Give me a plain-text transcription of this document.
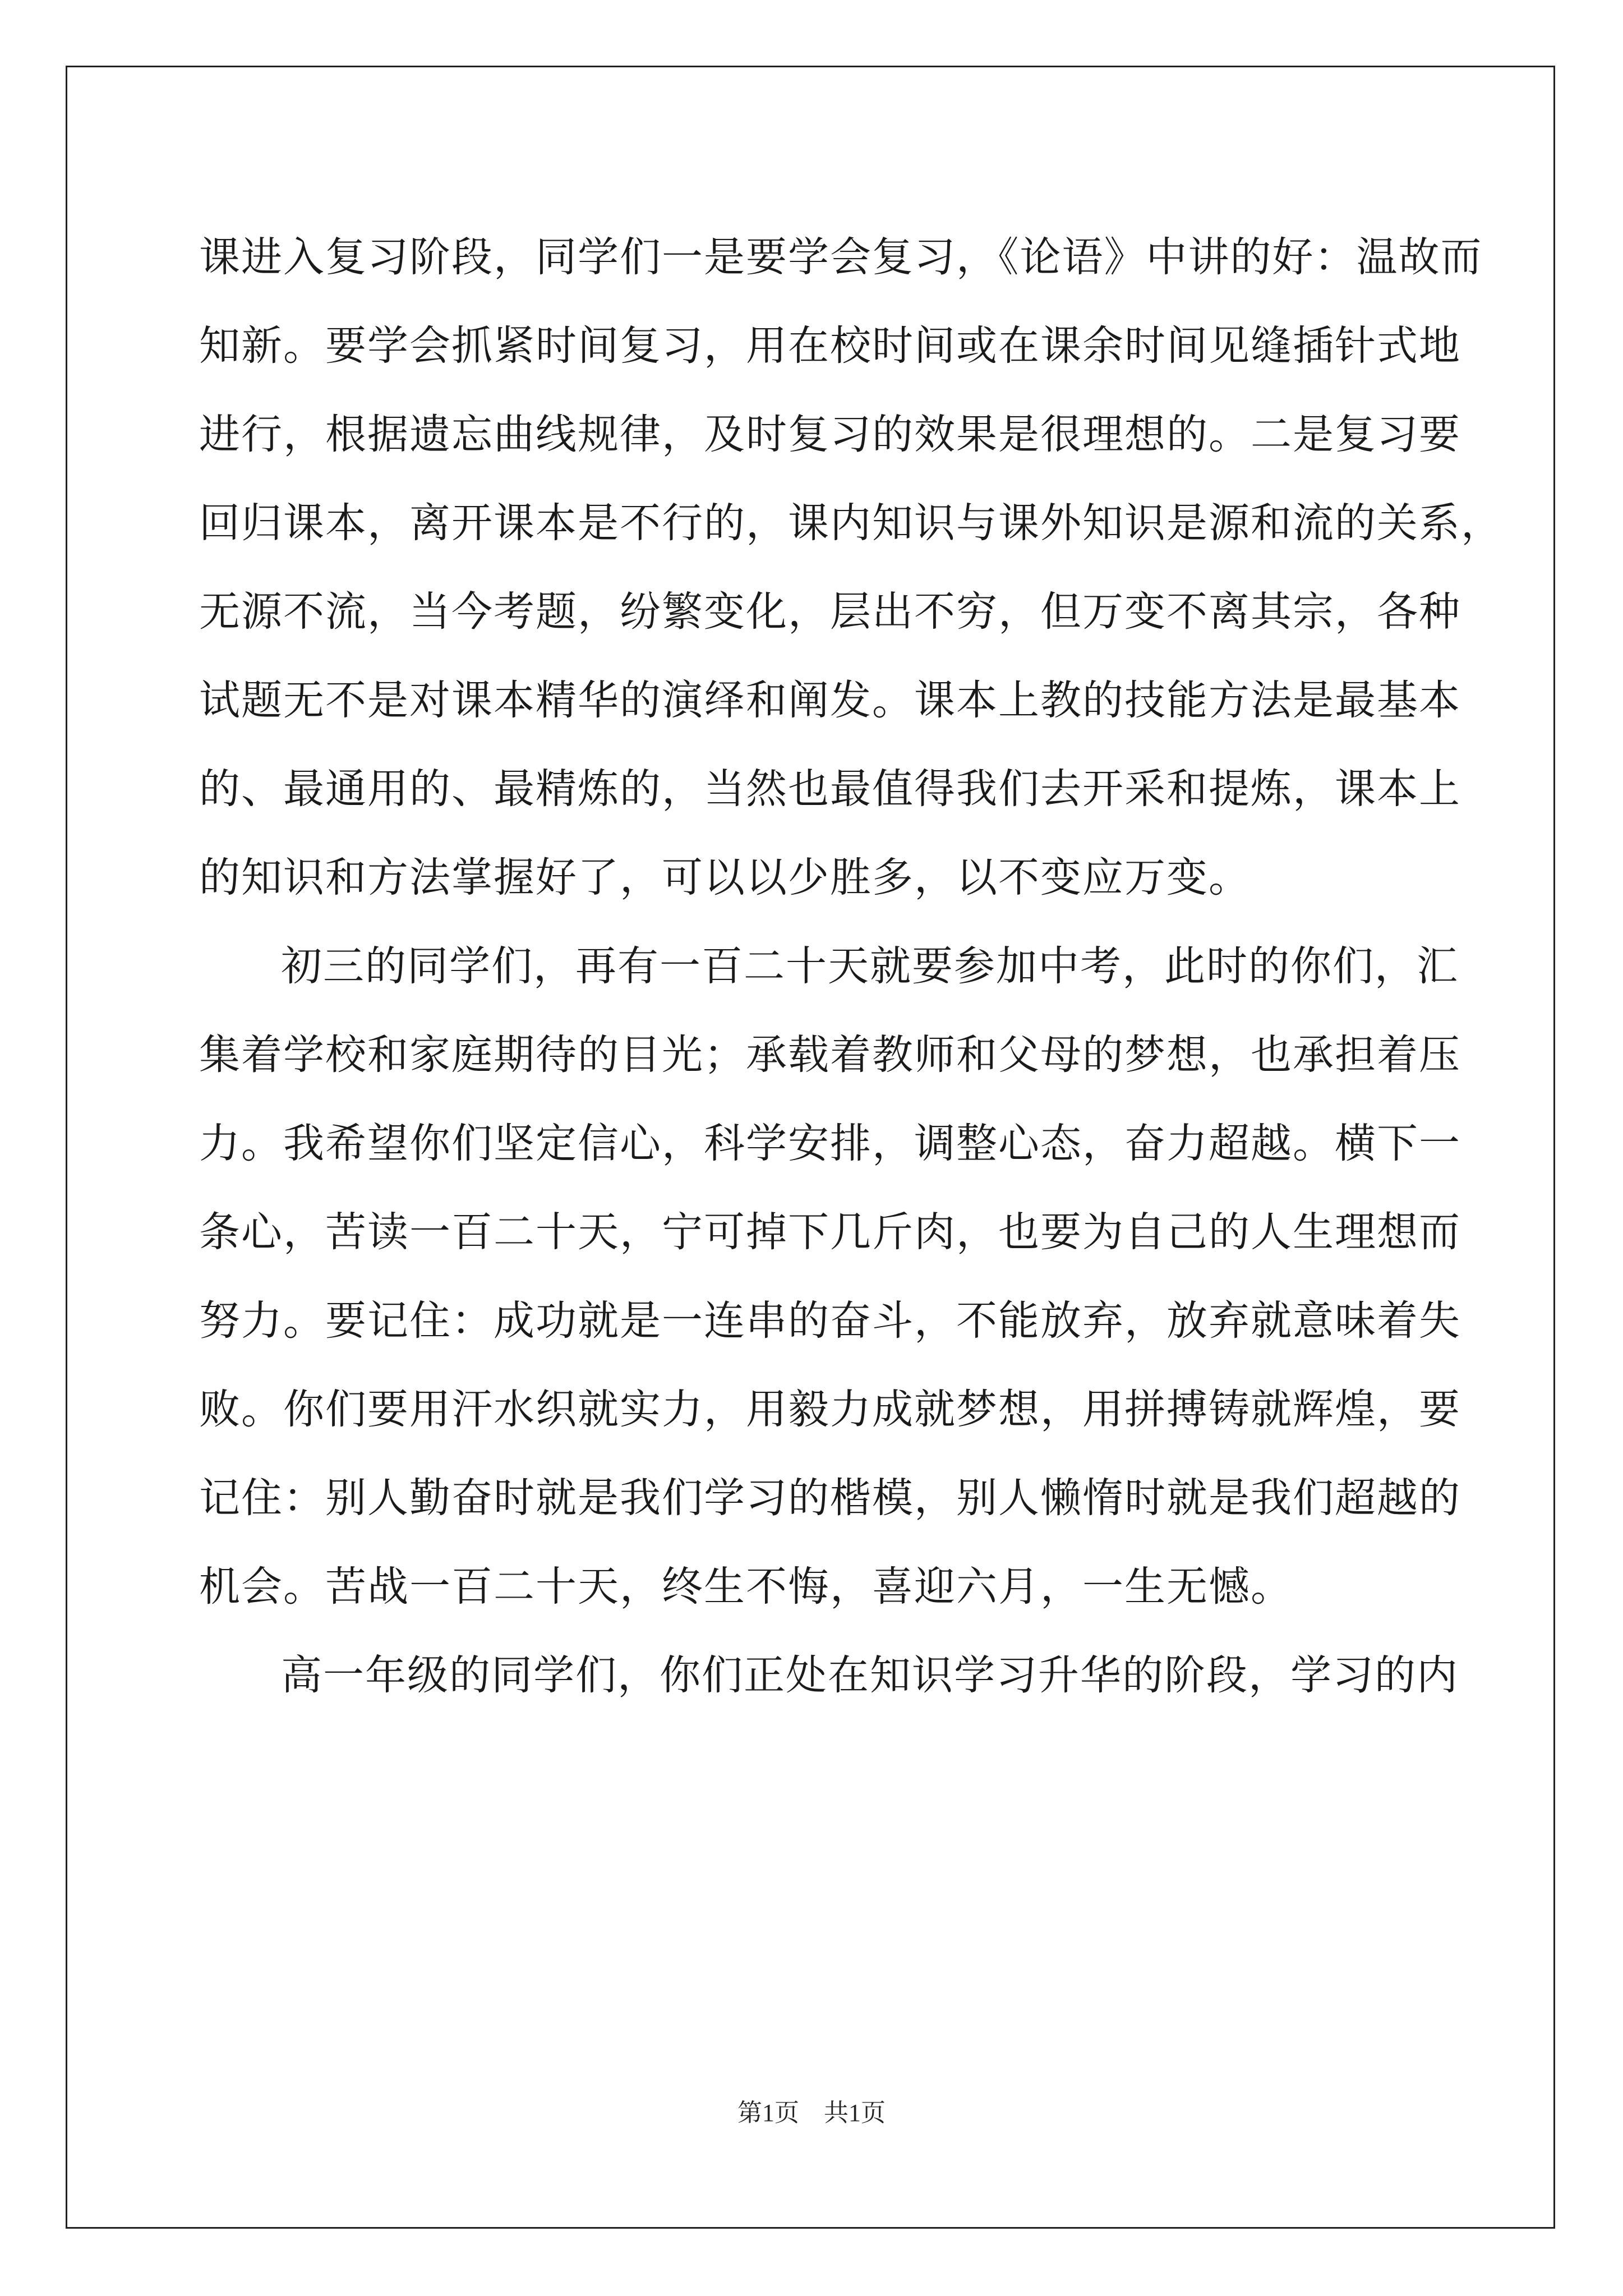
课进入复习阶段，同学们一是要学会复习，《论语》中讲的好：温故而
知新。要学会抓紧时间复习，用在校时间或在课余时间见缝插针式地
进行，根据遗忘曲线规律，及时复习的效果是很理想的。二是复习要
回归课本，离开课本是不行的，课内知识与课外知识是源和流的关系，
无源不流，当今考题，纷繁变化，层出不穷，但万变不离其宗，各种
试题无不是对课本精华的演绎和阐发。课本上教的技能方法是最基本
的、最通用的、最精炼的，当然也最值得我们去开采和提炼，课本上
的知识和方法掌握好了，可以以少胜多，以不变应万变。
初三的同学们，再有一百二十天就要参加中考，此时的你们，汇
集着学校和家庭期待的目光；承载着教师和父母的梦想，也承担着压
力。我希望你们坚定信心，科学安排，调整心态，奋力超越。横下一
条心，苦读一百二十天，宁可掉下几斤肉，也要为自己的人生理想而
努力。要记住：成功就是一连串的奋斗，不能放弃，放弃就意味着失
败。你们要用汗水织就实力，用毅力成就梦想，用拼搏铸就辉煌，要
记住：别人勤奋时就是我们学习的楷模，别人懒惰时就是我们超越的
机会。苦战一百二十天，终生不悔，喜迎六月，一生无憾。
高一年级的同学们，你们正处在知识学习升华的阶段，学习的内
第1页 共1页
